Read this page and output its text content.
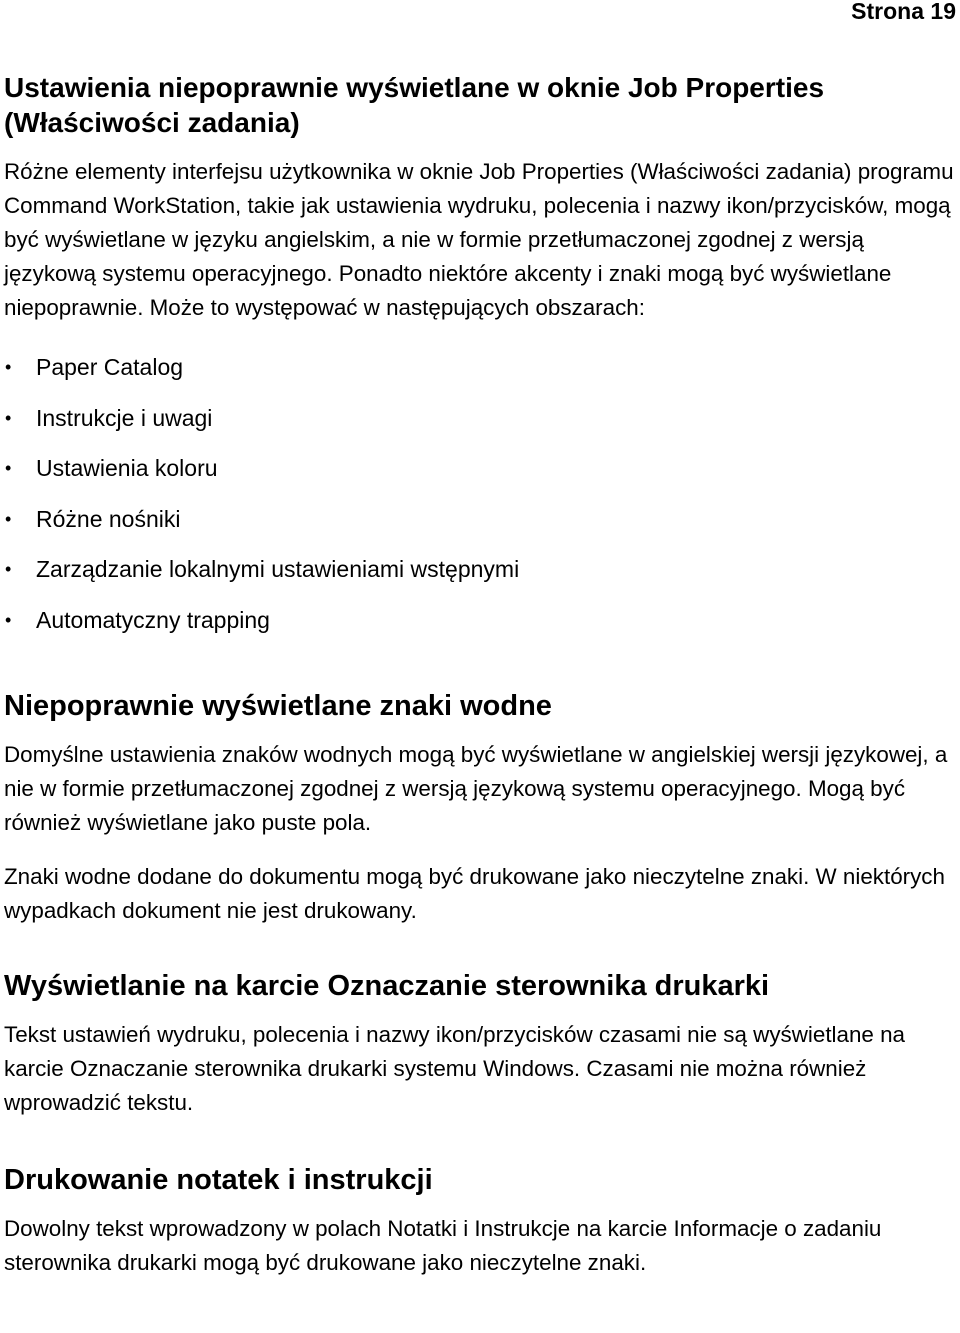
Strona 19
Ustawienia niepoprawnie wyświetlane w oknie Job Properties (Właściwości zadania)

Różne elementy interfejsu użytkownika w oknie Job Properties (Właściwości zadania) programu Command WorkStation, takie jak ustawienia wydruku, polecenia i nazwy ikon/przycisków, mogą być wyświetlane w języku angielskim, a nie w formie przetłumaczonej zgodnej z wersją językową systemu operacyjnego. Ponadto niektóre akcenty i znaki mogą być wyświetlane niepoprawnie. Może to występować w następujących obszarach:

• Paper Catalog
• Instrukcje i uwagi
• Ustawienia koloru
• Różne nośniki
• Zarządzanie lokalnymi ustawieniami wstępnymi
• Automatyczny trapping
Niepoprawnie wyświetlane znaki wodne

Domyślne ustawienia znaków wodnych mogą być wyświetlane w angielskiej wersji językowej, a nie w formie przetłumaczonej zgodnej z wersją językową systemu operacyjnego. Mogą być również wyświetlane jako puste pola.

Znaki wodne dodane do dokumentu mogą być drukowane jako nieczytelne znaki. W niektórych wypadkach dokument nie jest drukowany.

Wyświetlanie na karcie Oznaczanie sterownika drukarki

Tekst ustawień wydruku, polecenia i nazwy ikon/przycisków czasami nie są wyświetlane na karcie Oznaczanie sterownika drukarki systemu Windows. Czasami nie można również wprowadzić tekstu.

Drukowanie notatek i instrukcji

Dowolny tekst wprowadzony w polach Notatki i Instrukcje na karcie Informacje o zadaniu sterownika drukarki mogą być drukowane jako nieczytelne znaki.
